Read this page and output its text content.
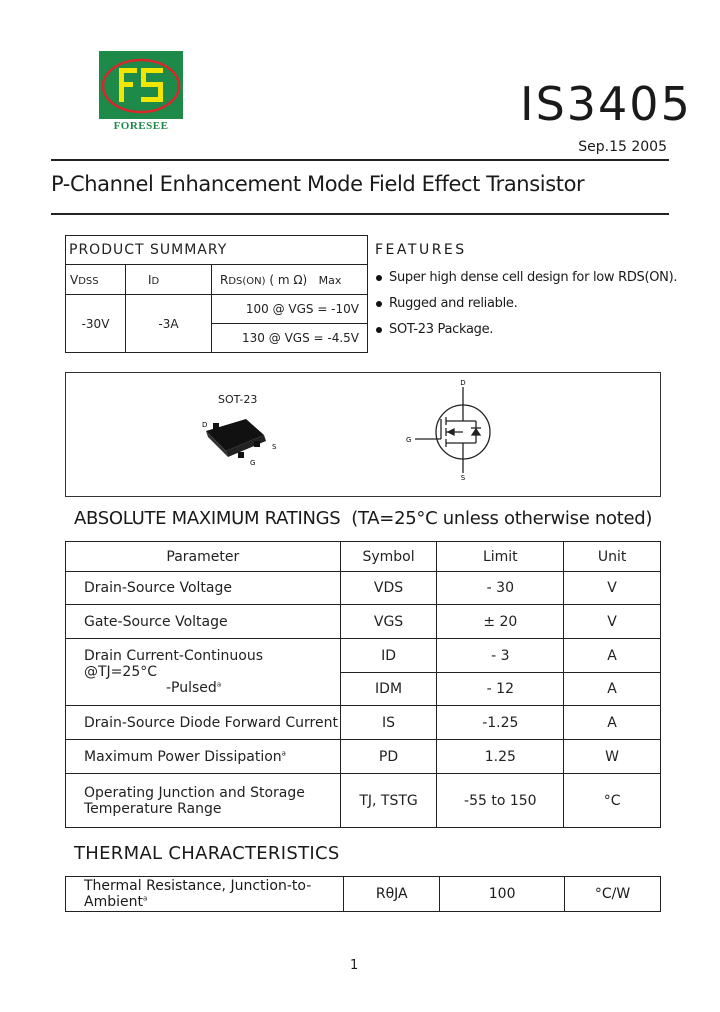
FORESEE	IS3405
Sep.15 2005
P-Channel Enhancement Mode Field Effect Transistor
PRODUCT SUMMARY		
VDSS	ID	RDS(ON) ( m Ω)   Max
-30V	-3A	100 @ VGS = -10V
		130 @ VGS = -4.5V
FEATURES
Super high dense cell design for low RDS(ON).
Rugged and reliable.
SOT-23 Package.
S
G
D
D
G
S
SOT-23
ABSOLUTE MAXIMUM RATINGS (TA=25°C unless otherwise noted)
Parameter	Symbol	Limit	Unit
Drain-Source Voltage	VDS	- 30	V
Gate-Source Voltage	VGS	± 20	V

Drain Current-Continuous @TJ=25°C
-Pulsed$^a$	ID	- 3	A
	IDM	- 12	A
Drain-Source Diode Forward Current	IS	-1.25	A
Maximum Power Dissipation$^a$	PD	1.25	W

Operating Junction and Storage
Temperature Range	TJ, TSTG	-55 to 150	°C
THERMAL CHARACTERISTICS
Thermal Resistance, Junction-to-Ambient$^a$	RθJA	100	°C/W
1
